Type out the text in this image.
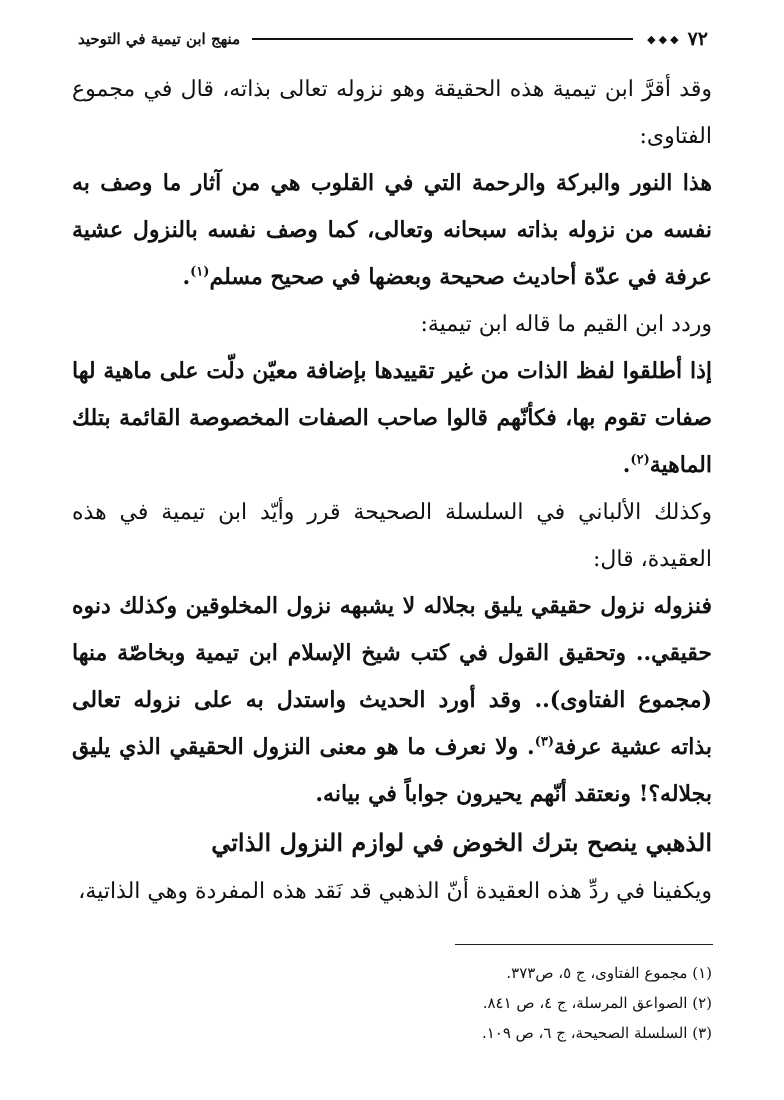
٧٢
◆ ◆ ◆
منهج ابن تيمية في التوحيد

وقد أقرَّ ابن تيمية هذه الحقيقة وهو نزوله تعالى بذاته، قال في مجموع الفتاوى:

هذا النور والبركة والرحمة التي في القلوب هي من آثار ما وصف به نفسه من نزوله بذاته سبحانه وتعالى، كما وصف نفسه بالنزول عشية عرفة في عدّة أحاديث صحيحة وبعضها في صحيح مسلم$^{(١)}$.

وردد ابن القيم ما قاله ابن تيمية:

إذا أطلقوا لفظ الذات من غير تقييدها بإضافة معيّن دلّت على ماهية لها صفات تقوم بها، فكأنّهم قالوا صاحب الصفات المخصوصة القائمة بتلك الماهية$^{(٢)}$.

وكذلك الألباني في السلسلة الصحيحة قرر وأيّد ابن تيمية في هذه العقيدة، قال:

فنزوله نزول حقيقي يليق بجلاله لا يشبهه نزول المخلوقين وكذلك دنوه حقيقي.. وتحقيق القول في كتب شيخ الإسلام ابن تيمية وبخاصّة منها (مجموع الفتاوى).. وقد أورد الحديث واستدل به على نزوله تعالى بذاته عشية عرفة$^{(٣)}$. ولا نعرف ما هو معنى النزول الحقيقي الذي يليق بجلاله؟! ونعتقد أنّهم يحيرون جواباً في بيانه.

الذهبي ينصح بترك الخوض في لوازم النزول الذاتي

ويكفينا في ردِّ هذه العقيدة أنّ الذهبي قد نَقد هذه المفردة وهي الذاتية،

(١) مجموع الفتاوى، ج ٥، ص٣٧٣.
(٢) الصواعق المرسلة، ج ٤، ص ٨٤١.
(٣) السلسلة الصحيحة، ج ٦، ص ١٠٩.
